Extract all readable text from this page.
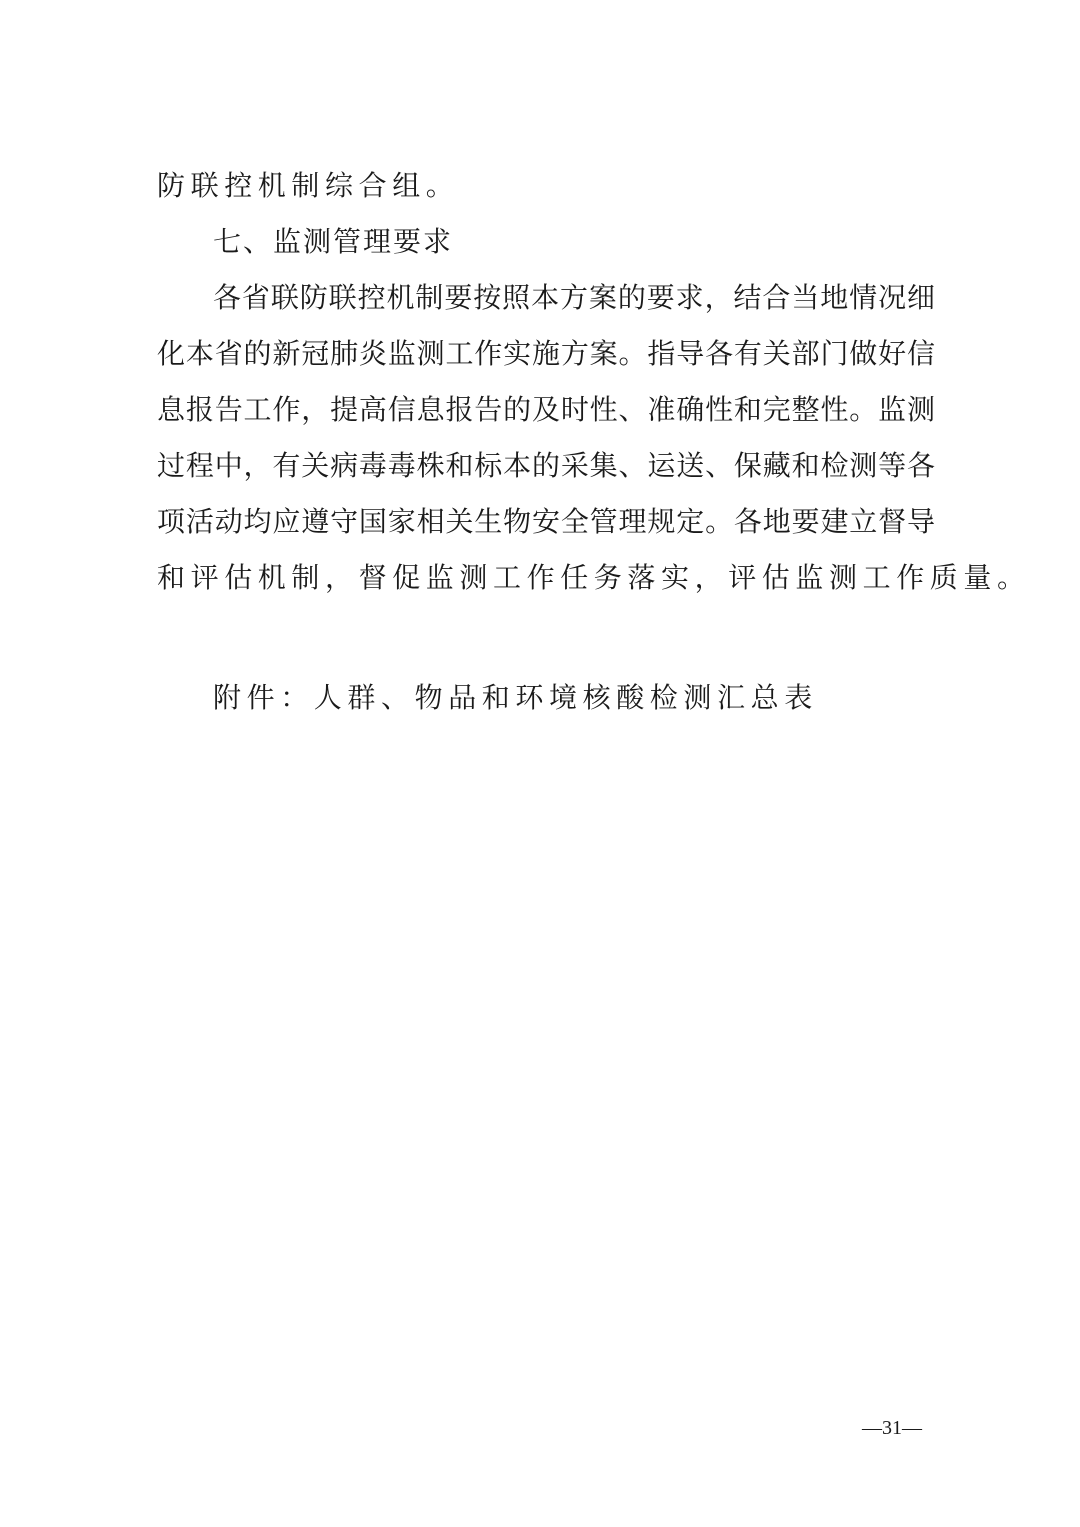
防联控机制综合组。
七、监测管理要求
各省联防联控机制要按照本方案的要求，结合当地情况细
化本省的新冠肺炎监测工作实施方案。指导各有关部门做好信
息报告工作，提高信息报告的及时性、准确性和完整性。监测
过程中，有关病毒毒株和标本的采集、运送、保藏和检测等各
项活动均应遵守国家相关生物安全管理规定。各地要建立督导
和评估机制，督促监测工作任务落实，评估监测工作质量。
附件：人群、物品和环境核酸检测汇总表
—31—
